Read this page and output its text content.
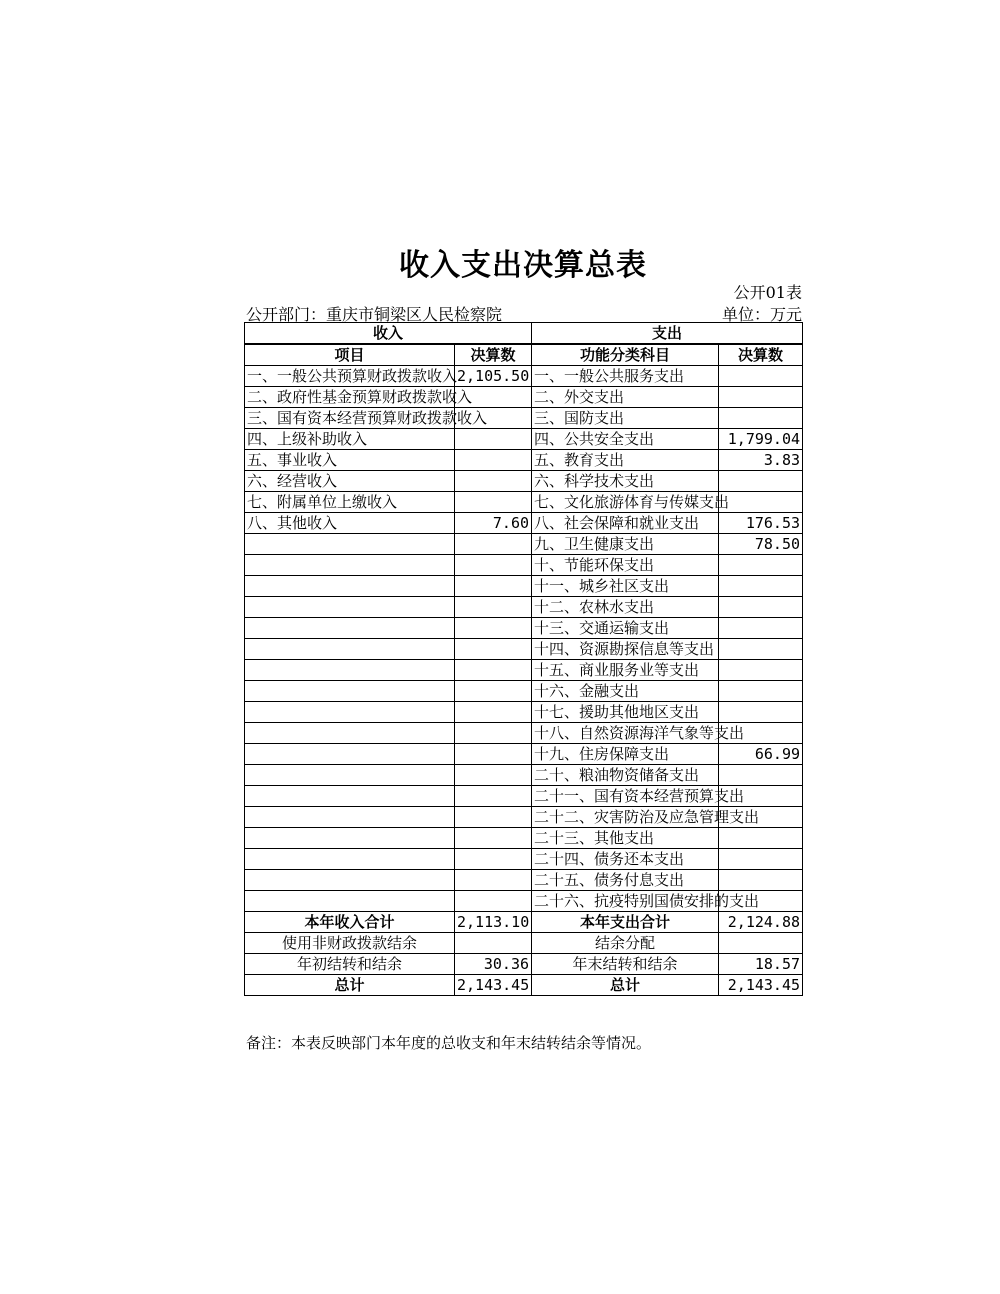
收入支出决算总表
公开01表
公开部门：重庆市铜梁区人民检察院	单位：万元
收入		支出	
项目	决算数	功能分类科目	决算数
一、一般公共预算财政拨款收入	2,105.50	一、一般公共服务支出	
二、政府性基金预算财政拨款收入		二、外交支出	
三、国有资本经营预算财政拨款收入		三、国防支出	
四、上级补助收入		四、公共安全支出	1,799.04
五、事业收入		五、教育支出	3.83
六、经营收入		六、科学技术支出	
七、附属单位上缴收入		七、文化旅游体育与传媒支出	
八、其他收入	7.60	八、社会保障和就业支出	176.53
		九、卫生健康支出	78.50
		十、节能环保支出	
		十一、城乡社区支出	
		十二、农林水支出	
		十三、交通运输支出	
		十四、资源勘探信息等支出	
		十五、商业服务业等支出	
		十六、金融支出	
		十七、援助其他地区支出	
		十八、自然资源海洋气象等支出	
		十九、住房保障支出	66.99
		二十、粮油物资储备支出	
		二十一、国有资本经营预算支出	
		二十二、灾害防治及应急管理支出	
		二十三、其他支出	
		二十四、债务还本支出	
		二十五、债务付息支出	
		二十六、抗疫特别国债安排的支出	
本年收入合计	2,113.10	本年支出合计	2,124.88
使用非财政拨款结余		结余分配	
年初结转和结余	30.36	年末结转和结余	18.57
总计	2,143.45	总计	2,143.45
备注：本表反映部门本年度的总收支和年末结转结余等情况。
